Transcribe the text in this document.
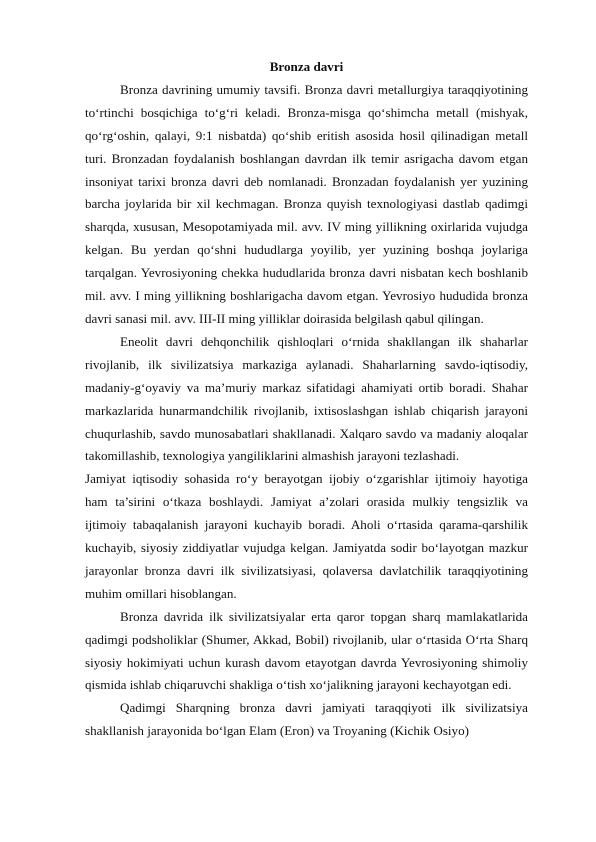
Bronza davri

Bronza davrining umumiy tavsifi. Bronza davri metallurgiya taraqqiyotining to‘rtinchi bosqichiga to‘g‘ri keladi. Bronza-misga qo‘shimcha metall (mishyak, qo‘rg‘oshin, qalayi, 9:1 nisbatda) qo‘shib eritish asosida hosil qilinadigan metall turi. Bronzadan foydalanish boshlangan davrdan ilk temir asrigacha davom etgan insoniyat tarixi bronza davri deb nomlanadi. Bronzadan foydalanish yer yuzining barcha joylarida bir xil kechmagan. Bronza quyish texnologiyasi dastlab qadimgi sharqda, xususan, Mesopotamiyada mil. avv. IV ming yillikning oxirlarida vujudga kelgan. Bu yerdan qo‘shni hududlarga yoyilib, yer yuzining boshqa joylariga tarqalgan. Yevrosiyoning chekka hududlarida bronza davri nisbatan kech boshlanib mil. avv. I ming yillikning boshlarigacha davom etgan. Yevrosiyo hududida bronza davri sanasi mil. avv. III-II ming yilliklar doirasida belgilash qabul qilingan.

Eneolit davri dehqonchilik qishloqlari o‘rnida shakllangan ilk shaharlar rivojlanib, ilk sivilizatsiya markaziga aylanadi. Shaharlarning savdo-iqtisodiy, madaniy-g‘oyaviy va ma’muriy markaz sifatidagi ahamiyati ortib boradi. Shahar markazlarida hunarmandchilik rivojlanib, ixtisoslashgan ishlab chiqarish jarayoni chuqurlashib, savdo munosabatlari shakllanadi. Xalqaro savdo va madaniy aloqalar takomillashib, texnologiya yangiliklarini almashish jarayoni tezlashadi.

Jamiyat iqtisodiy sohasida ro‘y berayotgan ijobiy o‘zgarishlar ijtimoiy hayotiga ham ta’sirini o‘tkaza boshlaydi. Jamiyat a’zolari orasida mulkiy tengsizlik va ijtimoiy tabaqalanish jarayoni kuchayib boradi. Aholi o‘rtasida qarama-qarshilik kuchayib, siyosiy ziddiyatlar vujudga kelgan. Jamiyatda sodir bo‘layotgan mazkur jarayonlar bronza davri ilk sivilizatsiyasi, qolaversa davlatchilik taraqqiyotining muhim omillari hisoblangan.

Bronza davrida ilk sivilizatsiyalar erta qaror topgan sharq mamlakatlarida qadimgi podsholiklar (Shumer, Akkad, Bobil) rivojlanib, ular o‘rtasida O‘rta Sharq siyosiy hokimiyati uchun kurash davom etayotgan davrda Yevrosiyoning shimoliy qismida ishlab chiqaruvchi shakliga o‘tish xo‘jalikning jarayoni kechayotgan edi.

Qadimgi Sharqning bronza davri jamiyati taraqqiyoti ilk sivilizatsiya shakllanish jarayonida bo‘lgan Elam (Eron) va Troyaning (Kichik Osiyo)
